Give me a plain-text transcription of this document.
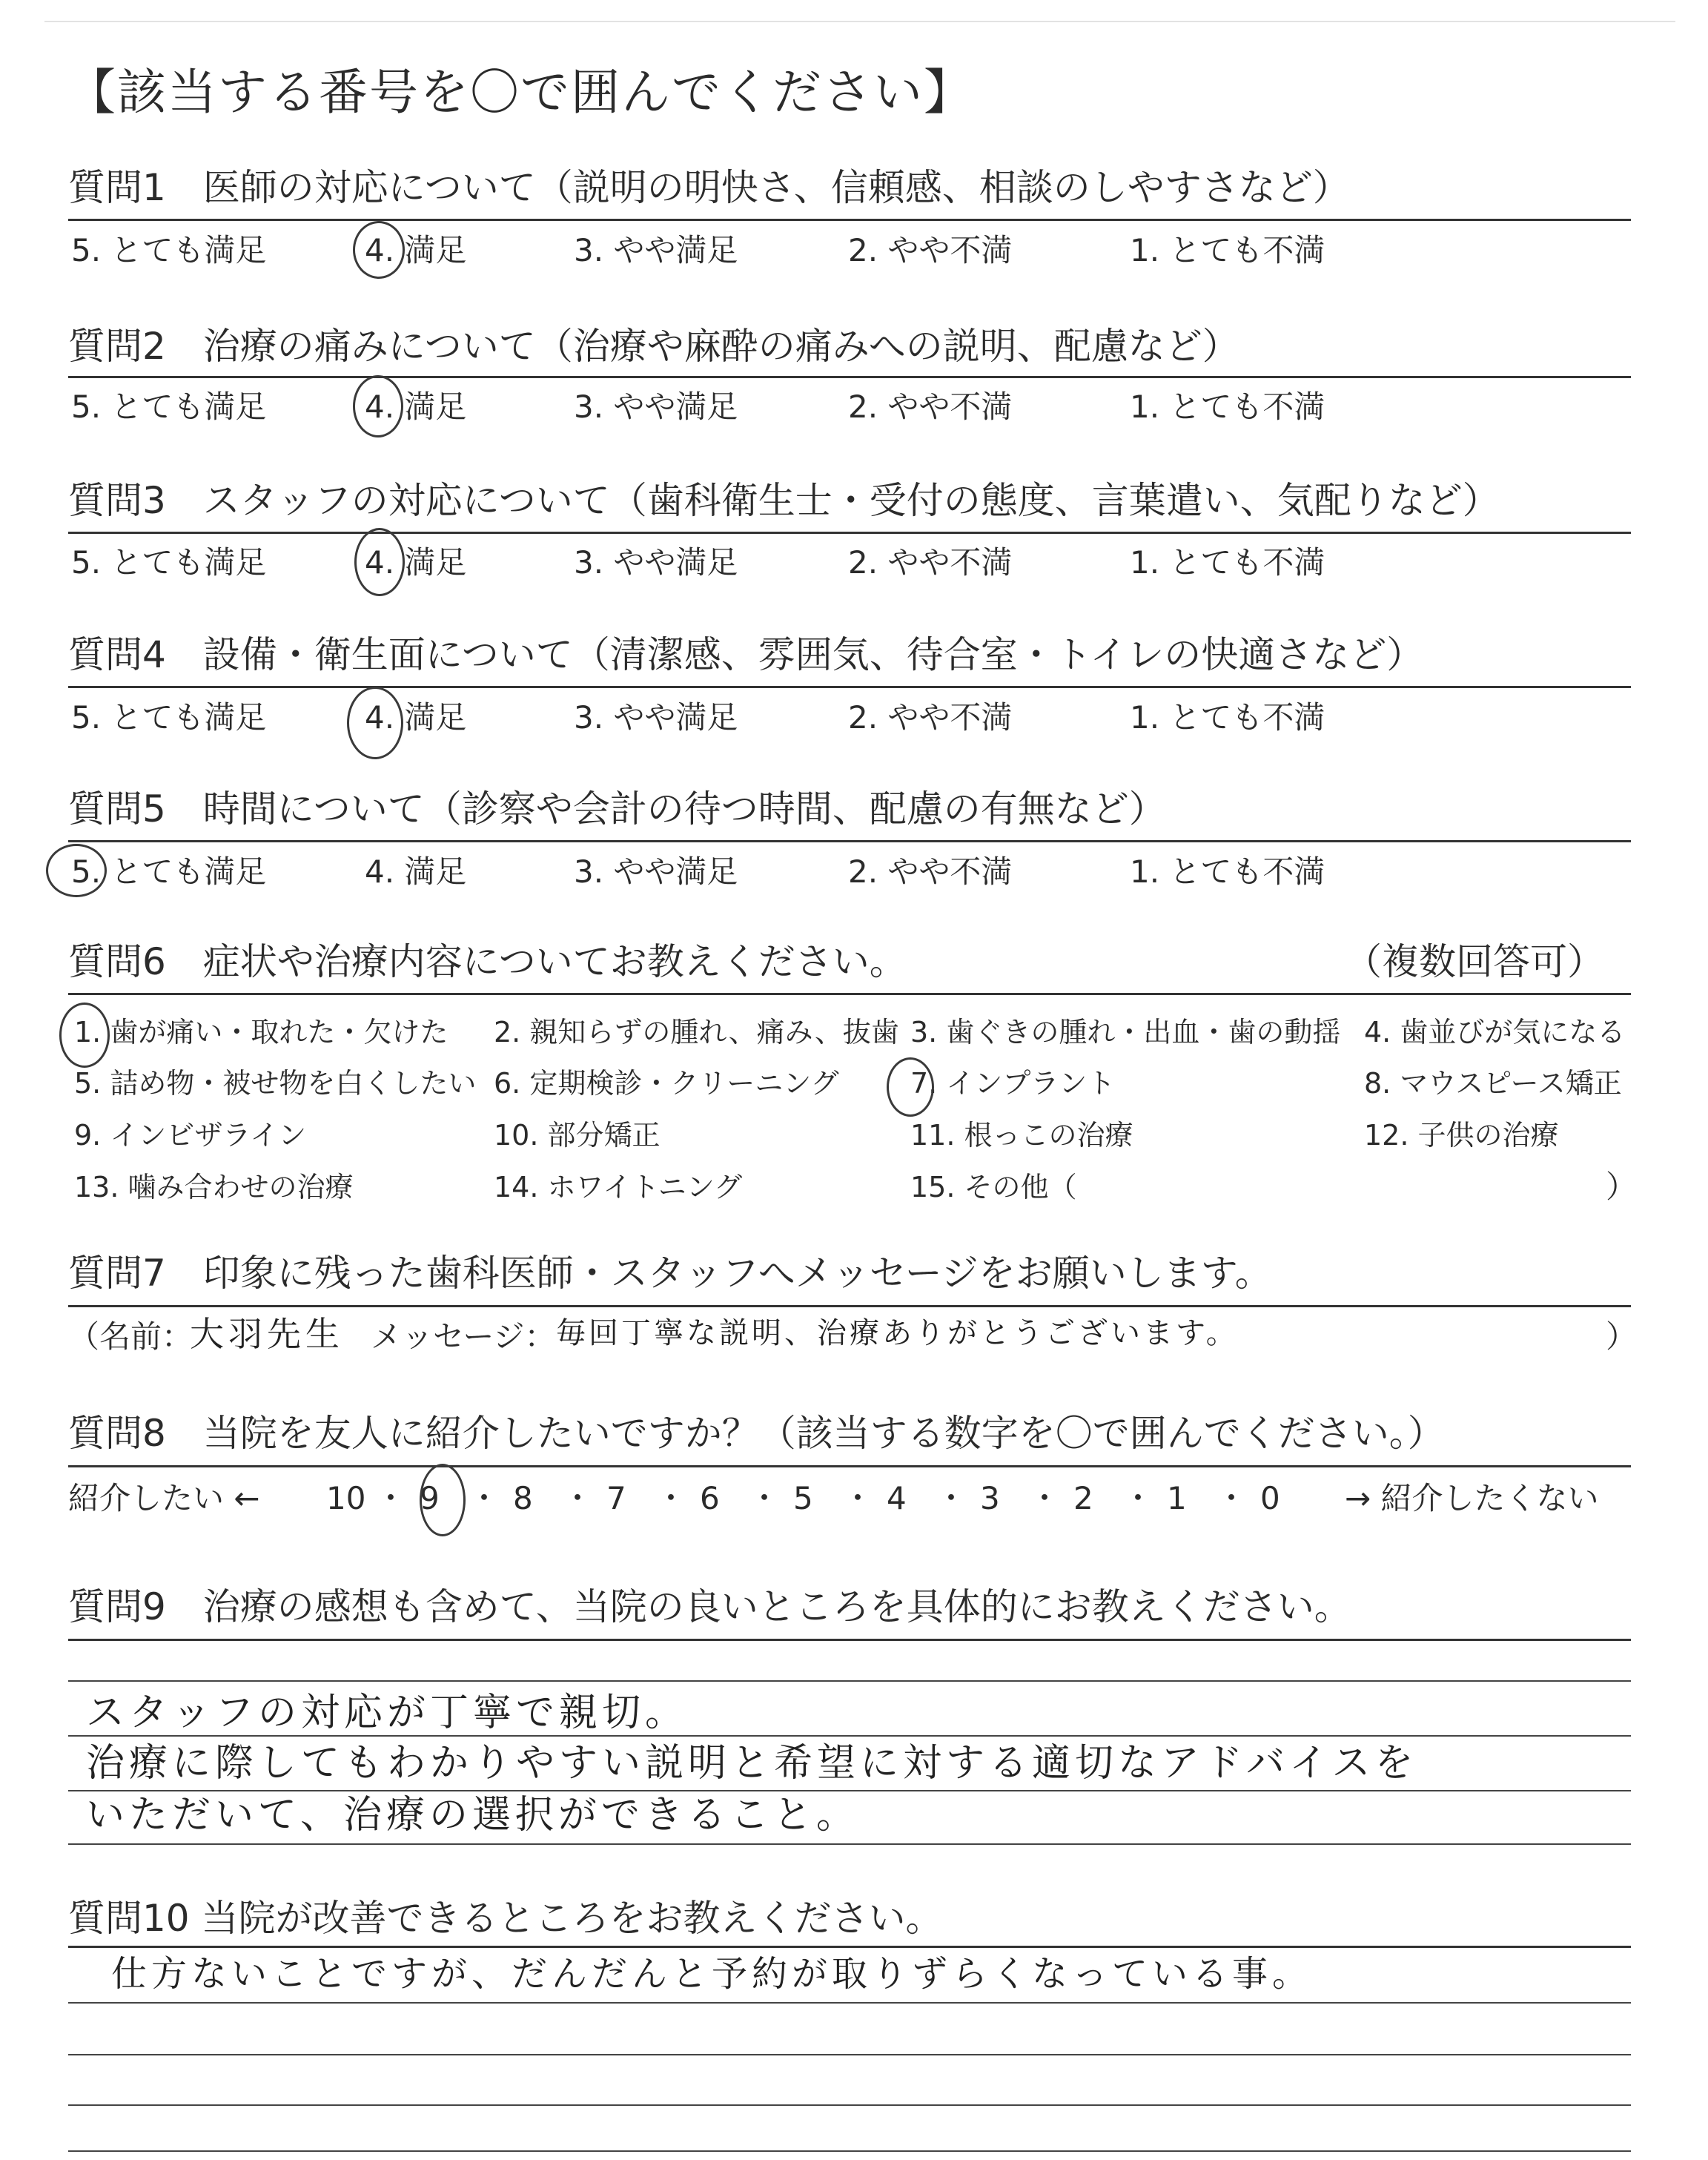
【該当する番号を〇で囲んでください】
質問1　医師の対応について（説明の明快さ、信頼感、相談のしやすさなど）
5. とても満足	4. 満足	3. やや満足	2. やや不満	1. とても不満
質問2　治療の痛みについて（治療や麻酔の痛みへの説明、配慮など）
5. とても満足	4. 満足	3. やや満足	2. やや不満	1. とても不満
質問3　スタッフの対応について（歯科衛生士・受付の態度、言葉遣い、気配りなど）
5. とても満足	4. 満足	3. やや満足	2. やや不満	1. とても不満
質問4　設備・衛生面について（清潔感、雰囲気、待合室・トイレの快適さなど）
5. とても満足	4. 満足	3. やや満足	2. やや不満	1. とても不満
質問5　時間について（診察や会計の待つ時間、配慮の有無など）
5. とても満足	4. 満足	3. やや満足	2. やや不満	1. とても不満
質問6　症状や治療内容についてお教えください。	（複数回答可）
1. 歯が痛い・取れた・欠けた 2. 親知らずの腫れ、痛み、抜歯 3. 歯ぐきの腫れ・出血・歯の動揺 4. 歯並びが気になる
5. 詰め物・被せ物を白くしたい 6. 定期検診・クリーニング	7. インプラント	8. マウスピース矯正
9. インビザライン	10. 部分矯正	11. 根っこの治療	12. 子供の治療
13. 噛み合わせの治療	14. ホワイトニング	15. その他（	）
質問7　印象に残った歯科医師・スタッフへメッセージをお願いします。
（名前：
大羽先生 メッセージ： 毎回丁寧な説明、治療ありがとうございます。	）
質問8　当院を友人に紹介したいですか？（該当する数字を〇で囲んでください。）
紹介したい ← 10 ・ 9 ・ 8 ・ 7 ・ 6 ・ 5 ・ 4 ・ 3 ・ 2 ・ 1 ・ 0 → 紹介したくない
質問9　治療の感想も含めて、当院の良いところを具体的にお教えください。
スタッフの対応が丁寧で親切。
治療に際してもわかりやすい説明と希望に対する適切なアドバイスを
いただいて、治療の選択ができること。
質問10 当院が改善できるところをお教えください。
仕方ないことですが、だんだんと予約が取りずらくなっている事。
